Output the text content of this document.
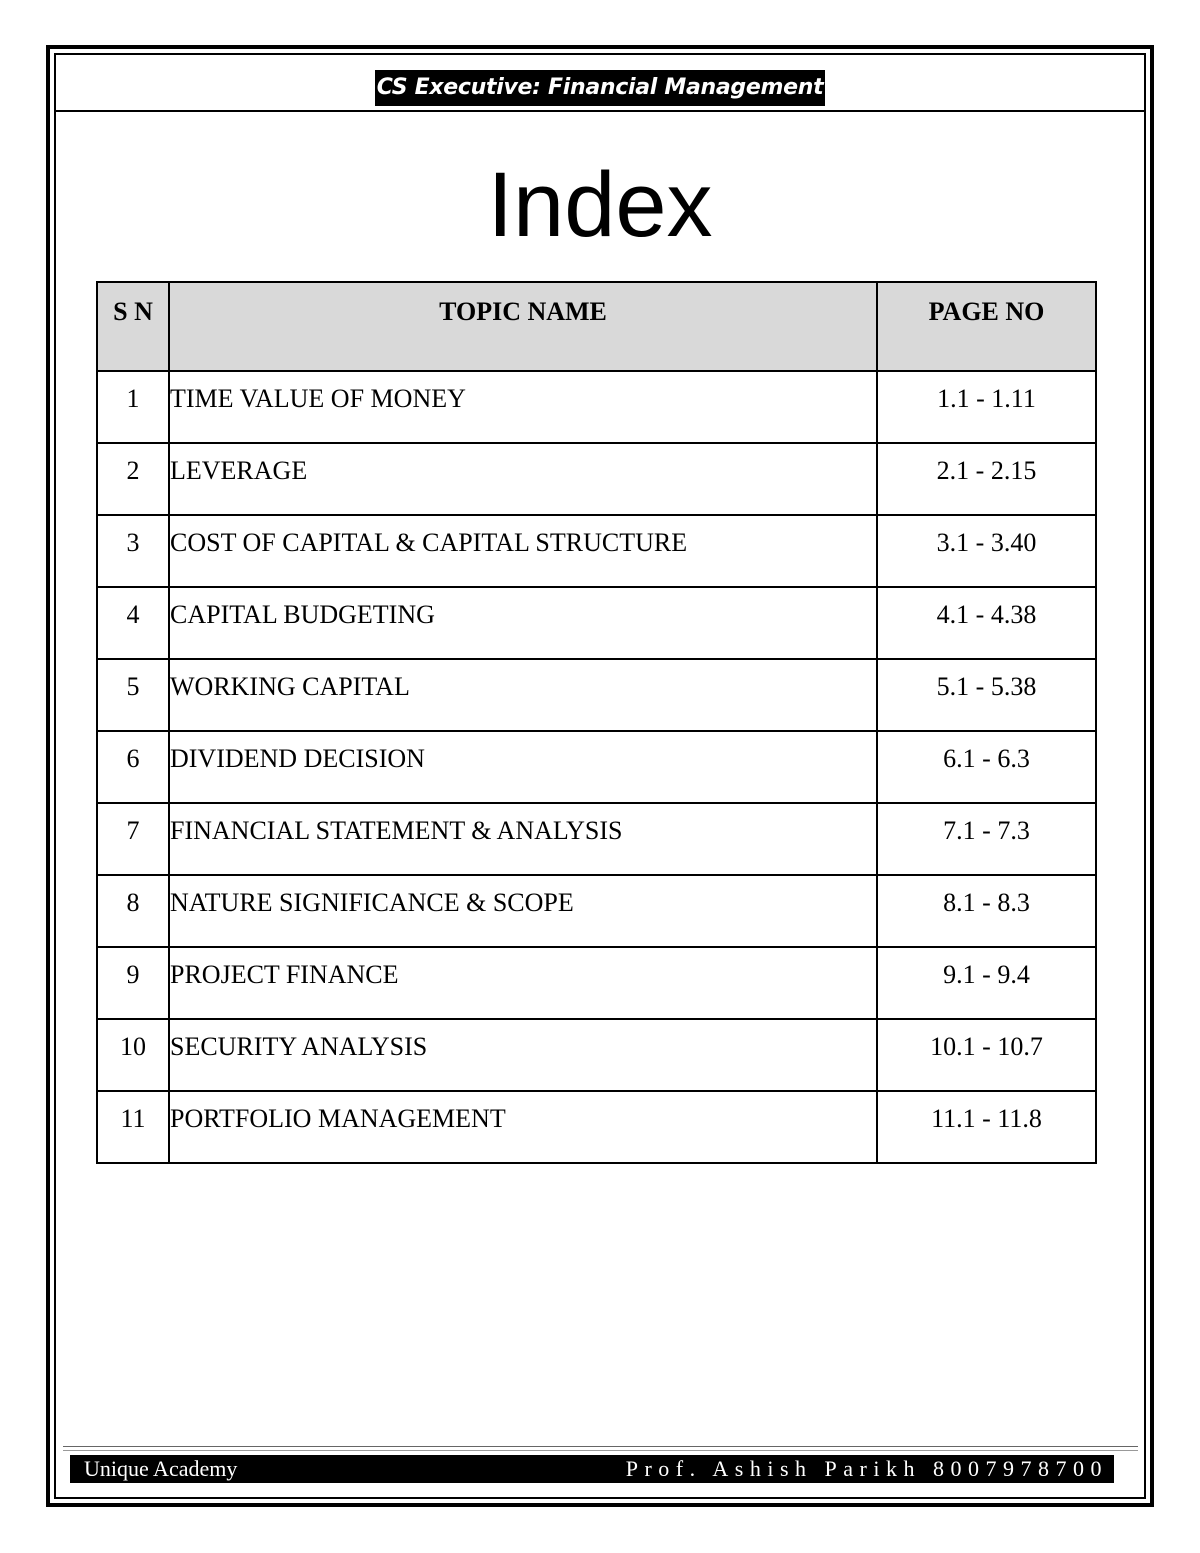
CS Executive: Financial Management
Index
S N	TOPIC NAME	PAGE NO
1	TIME VALUE OF MONEY	1.1 - 1.11
2	LEVERAGE	2.1 - 2.15
3	COST OF CAPITAL & CAPITAL STRUCTURE	3.1 - 3.40
4	CAPITAL BUDGETING	4.1 - 4.38
5	WORKING CAPITAL	5.1 - 5.38
6	DIVIDEND DECISION	6.1 - 6.3
7	FINANCIAL STATEMENT & ANALYSIS	7.1 - 7.3
8	NATURE SIGNIFICANCE & SCOPE	8.1 - 8.3
9	PROJECT FINANCE	9.1 - 9.4
10	SECURITY ANALYSIS	10.1 - 10.7
11	PORTFOLIO MANAGEMENT	11.1 - 11.8
Unique Academy	Prof. Ashish Parikh 8007978700
